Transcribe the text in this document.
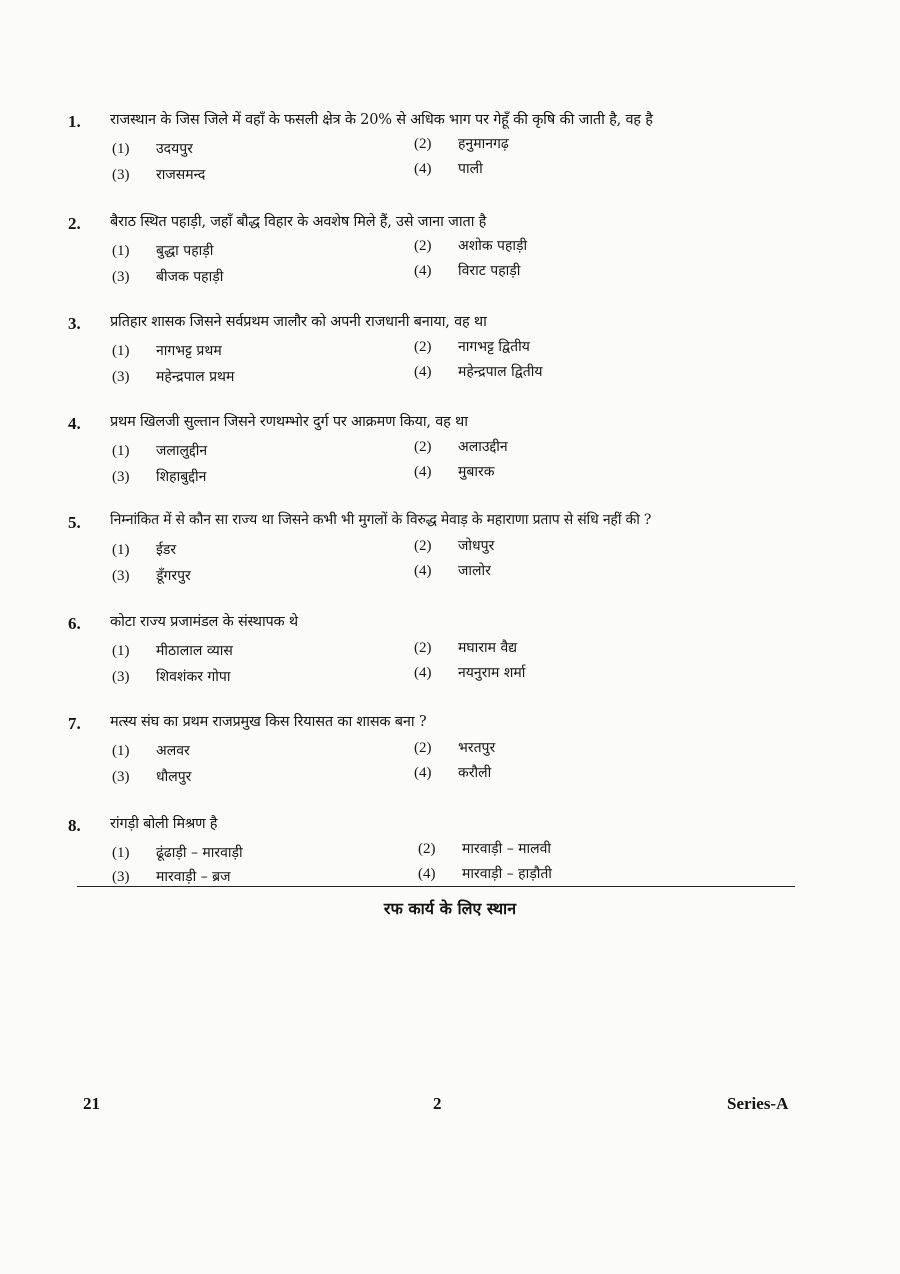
1. राजस्थान के जिस जिले में वहाँ के फसली क्षेत्र के 20% से अधिक भाग पर गेहूँ की कृषि की जाती है, वह है
(1) उदयपुर	(2) हनुमानगढ़
(3) राजसमन्द	(4) पाली
2. बैराठ स्थित पहाड़ी, जहाँ बौद्ध विहार के अवशेष मिले हैं, उसे जाना जाता है
(1) बुद्धा पहाड़ी	(2) अशोक पहाड़ी
(3) बीजक पहाड़ी	(4) विराट पहाड़ी
3. प्रतिहार शासक जिसने सर्वप्रथम जालौर को अपनी राजधानी बनाया, वह था
(1) नागभट्ट प्रथम	(2) नागभट्ट द्वितीय
(3) महेन्द्रपाल प्रथम	(4) महेन्द्रपाल द्वितीय
4. प्रथम खिलजी सुल्तान जिसने रणथम्भोर दुर्ग पर आक्रमण किया, वह था
(1) जलालुद्दीन	(2) अलाउद्दीन
(3) शिहाबुद्दीन	(4) मुबारक
5. निम्नांकित में से कौन सा राज्य था जिसने कभी भी मुगलों के विरुद्ध मेवाड़ के महाराणा प्रताप से संधि नहीं की ?
(1) ईडर	(2) जोधपुर
(3) डूँगरपुर	(4) जालोर
6. कोटा राज्य प्रजामंडल के संस्थापक थे
(1) मीठालाल व्यास	(2) मघाराम वैद्य
(3) शिवशंकर गोपा	(4) नयनुराम शर्मा
7. मत्स्य संघ का प्रथम राजप्रमुख किस रियासत का शासक बना ?
(1) अलवर	(2) भरतपुर
(3) धौलपुर	(4) करौली
8. रांगड़ी बोली मिश्रण है
(1) ढूंढाड़ी – मारवाड़ी	(2) मारवाड़ी – मालवी
(3) मारवाड़ी – ब्रज	(4) मारवाड़ी – हाड़ौती
रफ कार्य के लिए स्थान
21	2	Series-A
